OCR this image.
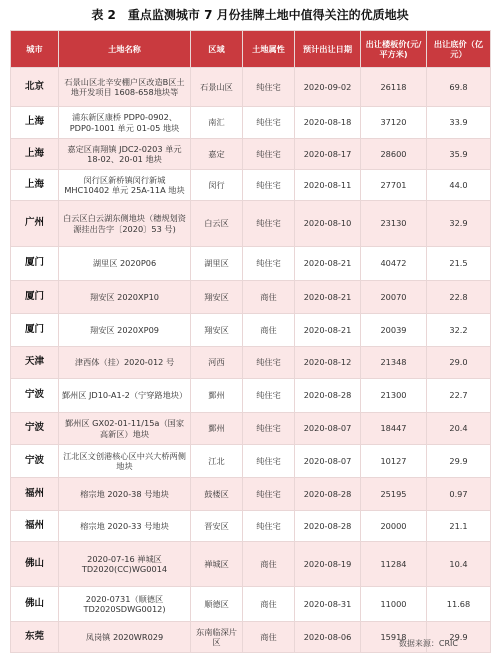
表 2　重点监测城市 7 月份挂牌土地中值得关注的优质地块
城市	土地名称	区域	土地属性	预计出让日期	出让楼板价(元/平方米)	出让底价（亿元）
北京	石景山区北辛安棚户区改造B区土地开发项目 1608-658地块等	石景山区	纯住宅	2020-09-02	26118	69.8
上海	浦东新区康桥 PDP0-0902、PDP0-1001 单元 01-05 地块	南汇	纯住宅	2020-08-18	37120	33.9
上海	嘉定区南翔镇 JDC2-0203 单元 18-02、20-01 地块	嘉定	纯住宅	2020-08-17	28600	35.9
上海	闵行区新桥镇闵行新城 MHC10402 单元 25A-11A 地块	闵行	纯住宅	2020-08-11	27701	44.0
广州	白云区白云湖东侧地块（穗规划资源挂出告字〔2020〕53 号)	白云区	纯住宅	2020-08-10	23130	32.9
厦门	湖里区 2020P06	湖里区	纯住宅	2020-08-21	40472	21.5
厦门	翔安区 2020XP10	翔安区	商住	2020-08-21	20070	22.8
厦门	翔安区 2020XP09	翔安区	商住	2020-08-21	20039	32.2
天津	津西体（挂）2020-012 号	河西	纯住宅	2020-08-12	21348	29.0
宁波	鄞州区 JD10-A1-2（宁穿路地块）	鄞州	纯住宅	2020-08-28	21300	22.7
宁波	鄞州区 GX02-01-11/15a（国家高新区）地块	鄞州	纯住宅	2020-08-07	18447	20.4
宁波	江北区文创港核心区中兴大桥两侧地块	江北	纯住宅	2020-08-07	10127	29.9
福州	榕宗地 2020-38 号地块	鼓楼区	纯住宅	2020-08-28	25195	0.97
福州	榕宗地 2020-33 号地块	晋安区	纯住宅	2020-08-28	20000	21.1
佛山	2020-07-16 禅城区 TD2020(CC)WG0014	禅城区	商住	2020-08-19	11284	10.4
佛山	2020-0731（顺德区 TD2020SDWG0012)	顺德区	商住	2020-08-31	11000	11.68
东莞	凤岗镇 2020WR029	东南临深片区	商住	2020-08-06	15918	29.9
数据来源：CRIC
